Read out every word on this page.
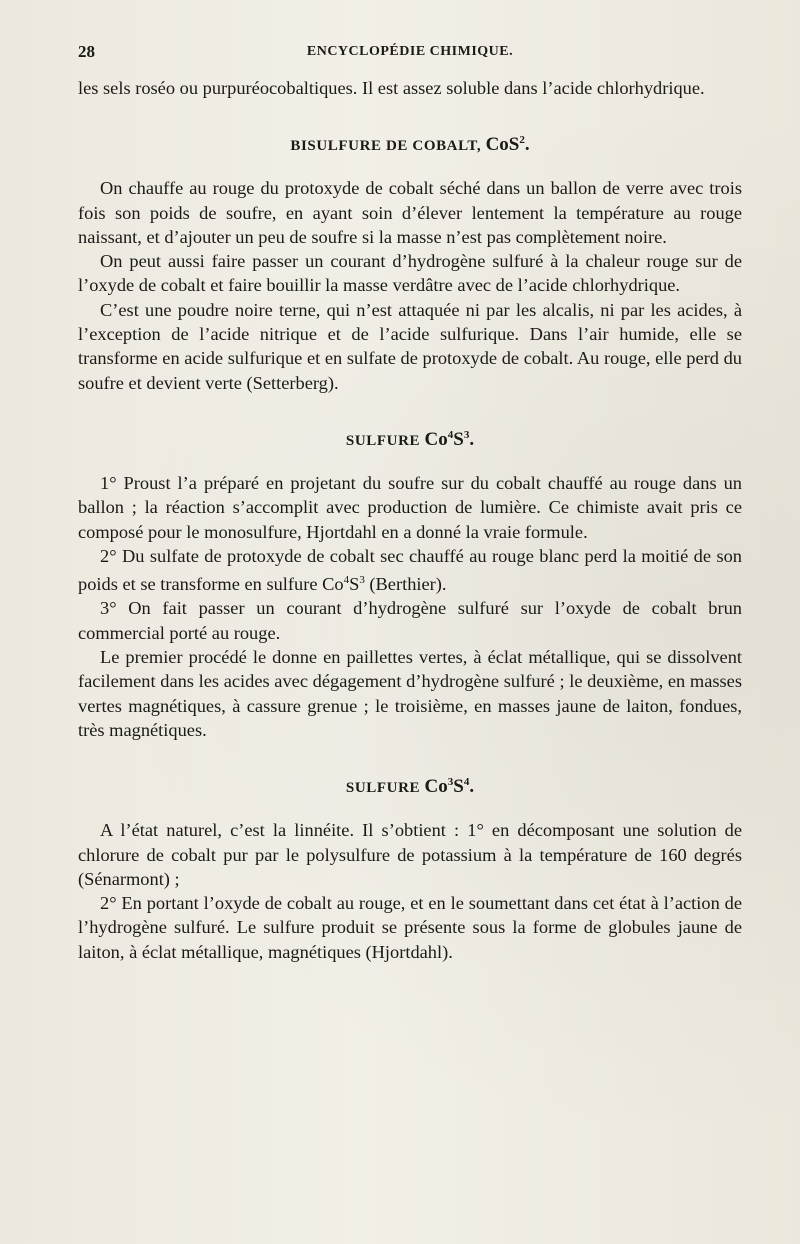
28	ENCYCLOPÉDIE CHIMIQUE.

les sels roséo ou purpuréocobaltiques. Il est assez soluble dans l’acide chlorhydrique.

BISULFURE DE COBALT, CoS$^2$.

On chauffe au rouge du protoxyde de cobalt séché dans un ballon de verre avec trois fois son poids de soufre, en ayant soin d’élever lentement la température au rouge naissant, et d’ajouter un peu de soufre si la masse n’est pas complètement noire.

On peut aussi faire passer un courant d’hydrogène sulfuré à la chaleur rouge sur de l’oxyde de cobalt et faire bouillir la masse verdâtre avec de l’acide chlorhydrique.

C’est une poudre noire terne, qui n’est attaquée ni par les alcalis, ni par les acides, à l’exception de l’acide nitrique et de l’acide sulfurique. Dans l’air humide, elle se transforme en acide sulfurique et en sulfate de protoxyde de cobalt. Au rouge, elle perd du soufre et devient verte (Setterberg).

SULFURE $Co^4S^3$.

1° Proust l’a préparé en projetant du soufre sur du cobalt chauffé au rouge dans un ballon ; la réaction s’accomplit avec production de lumière. Ce chimiste avait pris ce composé pour le monosulfure, Hjortdahl en a donné la vraie formule.

2° Du sulfate de protoxyde de cobalt sec chauffé au rouge blanc perd la moitié de son poids et se transforme en sulfure $Co^4S^3$ (Berthier).

3° On fait passer un courant d’hydrogène sulfuré sur l’oxyde de cobalt brun commercial porté au rouge.

Le premier procédé le donne en paillettes vertes, à éclat métallique, qui se dissolvent facilement dans les acides avec dégagement d’hydrogène sulfuré ; le deuxième, en masses vertes magnétiques, à cassure grenue ; le troisième, en masses jaune de laiton, fondues, très magnétiques.

SULFURE $Co^3S^4$.

A l’état naturel, c’est la linnéite. Il s’obtient : 1° en décomposant une solution de chlorure de cobalt pur par le polysulfure de potassium à la température de 160 degrés (Sénarmont) ;

2° En portant l’oxyde de cobalt au rouge, et en le soumettant dans cet état à l’action de l’hydrogène sulfuré. Le sulfure produit se présente sous la forme de globules jaune de laiton, à éclat métallique, magnétiques (Hjortdahl).
